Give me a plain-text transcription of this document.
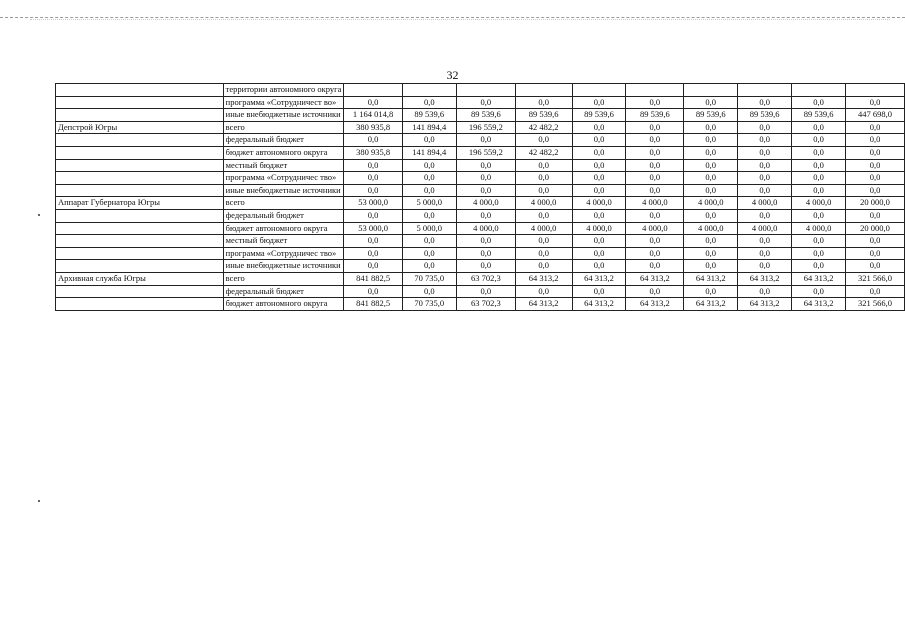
32
	территории автономного округа										
	программа «Сотрудничест во»	0,0	0,0	0,0	0,0	0,0	0,0	0,0	0,0	0,0	0,0
	иные внебюджетные источники	1 164 014,8	89 539,6	89 539,6	89 539,6	89 539,6	89 539,6	89 539,6	89 539,6	89 539,6	447 698,0
Депстрой Югры	всего	380 935,8	141 894,4	196 559,2	42 482,2	0,0	0,0	0,0	0,0	0,0	0,0
	федеральный бюджет	0,0	0,0	0,0	0,0	0,0	0,0	0,0	0,0	0,0	0,0
	бюджет автономного округа	380 935,8	141 894,4	196 559,2	42 482,2	0,0	0,0	0,0	0,0	0,0	0,0
	местный бюджет	0,0	0,0	0,0	0,0	0,0	0,0	0,0	0,0	0,0	0,0
	программа «Сотрудничес тво»	0,0	0,0	0,0	0,0	0,0	0,0	0,0	0,0	0,0	0,0
	иные внебюджетные источники	0,0	0,0	0,0	0,0	0,0	0,0	0,0	0,0	0,0	0,0
Аппарат Губернатора Югры	всего	53 000,0	5 000,0	4 000,0	4 000,0	4 000,0	4 000,0	4 000,0	4 000,0	4 000,0	20 000,0
	федеральный бюджет	0,0	0,0	0,0	0,0	0,0	0,0	0,0	0,0	0,0	0,0
	бюджет автономного округа	53 000,0	5 000,0	4 000,0	4 000,0	4 000,0	4 000,0	4 000,0	4 000,0	4 000,0	20 000,0
	местный бюджет	0,0	0,0	0,0	0,0	0,0	0,0	0,0	0,0	0,0	0,0
	программа «Сотрудничес тво»	0,0	0,0	0,0	0,0	0,0	0,0	0,0	0,0	0,0	0,0
	иные внебюджетные источники	0,0	0,0	0,0	0,0	0,0	0,0	0,0	0,0	0,0	0,0
Архивная служба Югры	всего	841 882,5	70 735,0	63 702,3	64 313,2	64 313,2	64 313,2	64 313,2	64 313,2	64 313,2	321 566,0
	федеральный бюджет	0,0	0,0	0,0	0,0	0,0	0,0	0,0	0,0	0,0	0,0
	бюджет автономного округа	841 882,5	70 735,0	63 702,3	64 313,2	64 313,2	64 313,2	64 313,2	64 313,2	64 313,2	321 566,0
